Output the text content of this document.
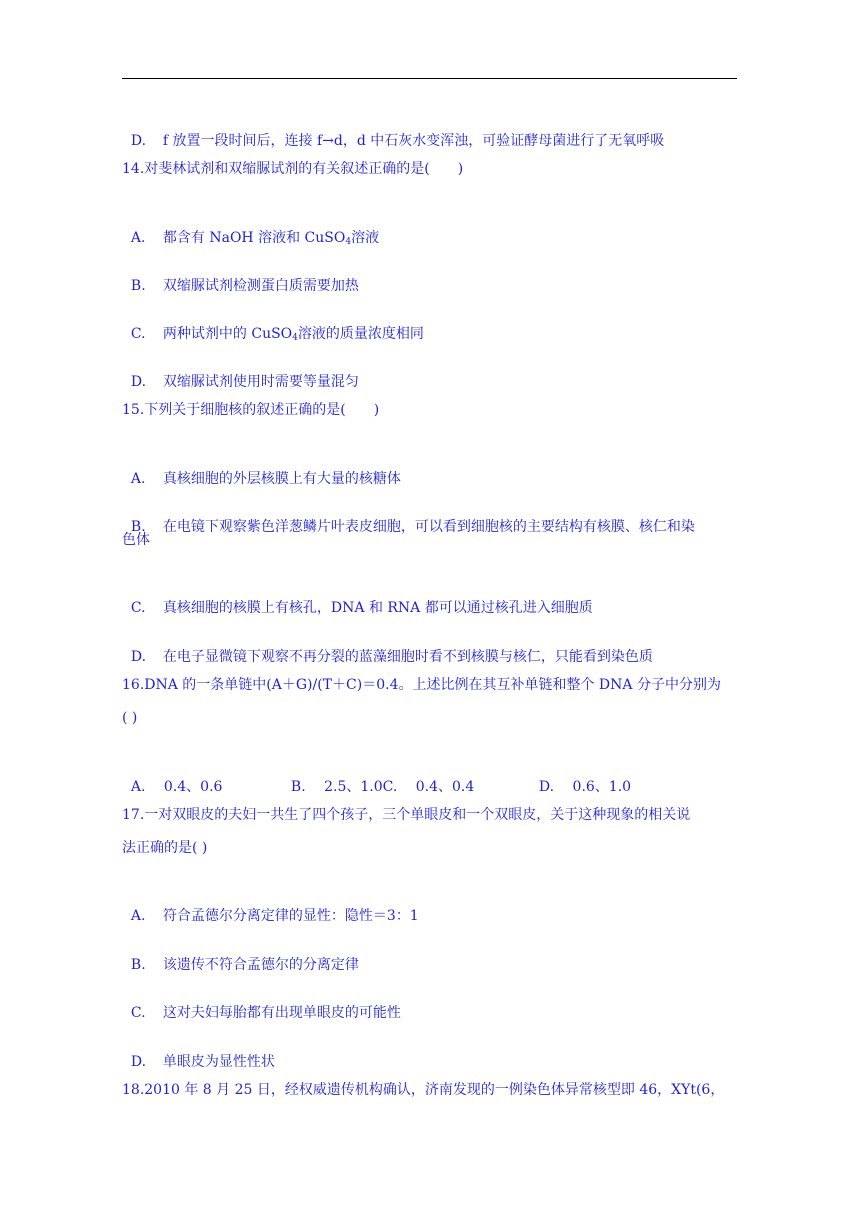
D. f 放置一段时间后，连接 f→d，d 中石灰水变浑浊，可验证酵母菌进行了无氧呼吸

14.对斐林试剂和双缩脲试剂的有关叙述正确的是(　　)

A. 都含有 NaOH 溶液和 CuSO$_4$溶液

B. 双缩脲试剂检测蛋白质需要加热

C. 两种试剂中的 CuSO$_4$溶液的质量浓度相同

D. 双缩脲试剂使用时需要等量混匀

15.下列关于细胞核的叙述正确的是(　　)

A. 真核细胞的外层核膜上有大量的核糖体

B. 在电镜下观察紫色洋葱鳞片叶表皮细胞，可以看到细胞核的主要结构有核膜、核仁和染

色体

C. 真核细胞的核膜上有核孔，DNA 和 RNA 都可以通过核孔进入细胞质

D. 在电子显微镜下观察不再分裂的蓝藻细胞时看不到核膜与核仁，只能看到染色质

16.DNA 的一条单链中(A＋G)/(T＋C)＝0.4。上述比例在其互补单链和整个 DNA 分子中分别为
( )

A.　 0.4、0.6	B.　 2.5、1.0C.　 0.4、0.4	D.　 0.6、1.0

17.一对双眼皮的夫妇一共生了四个孩子，三个单眼皮和一个双眼皮，关于这种现象的相关说
法正确的是( )

A. 符合孟德尔分离定律的显性：隐性＝3：1

B. 该遗传不符合孟德尔的分离定律

C. 这对夫妇每胎都有出现单眼皮的可能性

D. 单眼皮为显性性状

18.2010 年 8 月 25 日，经权威遗传机构确认，济南发现的一例染色体异常核型即 46，XYt(6，
